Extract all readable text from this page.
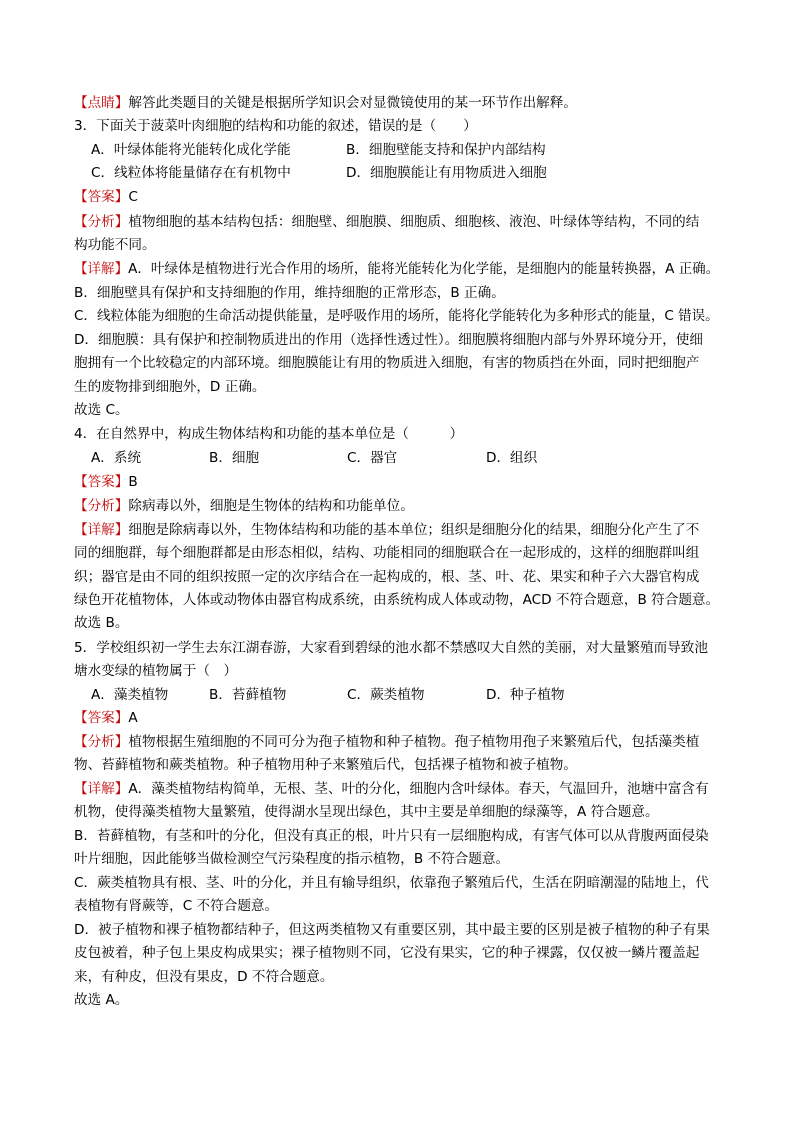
【点睛】解答此类题目的关键是根据所学知识会对显微镜使用的某一环节作出解释。
3．下面关于菠菜叶肉细胞的结构和功能的叙述，错误的是（　　）
A．叶绿体能将光能转化成化学能	B．细胞壁能支持和保护内部结构
C．线粒体将能量储存在有机物中	D．细胞膜能让有用物质进入细胞
【答案】C
【分析】植物细胞的基本结构包括：细胞壁、细胞膜、细胞质、细胞核、液泡、叶绿体等结构，不同的结
构功能不同。
【详解】A．叶绿体是植物进行光合作用的场所，能将光能转化为化学能，是细胞内的能量转换器，A 正确。
B．细胞壁具有保护和支持细胞的作用，维持细胞的正常形态，B 正确。
C．线粒体能为细胞的生命活动提供能量，是呼吸作用的场所，能将化学能转化为多种形式的能量，C 错误。
D．细胞膜：具有保护和控制物质进出的作用（选择性透过性）。细胞膜将细胞内部与外界环境分开，使细
胞拥有一个比较稳定的内部环境。细胞膜能让有用的物质进入细胞，有害的物质挡在外面，同时把细胞产
生的废物排到细胞外，D 正确。
故选 C。
4．在自然界中，构成生物体结构和功能的基本单位是（　　　）
A．系统	B．细胞	C．器官	D．组织
【答案】B
【分析】除病毒以外，细胞是生物体的结构和功能单位。
【详解】细胞是除病毒以外，生物体结构和功能的基本单位；组织是细胞分化的结果，细胞分化产生了不
同的细胞群，每个细胞群都是由形态相似，结构、功能相同的细胞联合在一起形成的，这样的细胞群叫组
织；器官是由不同的组织按照一定的次序结合在一起构成的，根、茎、叶、花、果实和种子六大器官构成
绿色开花植物体，人体或动物体由器官构成系统，由系统构成人体或动物，ACD 不符合题意，B 符合题意。
故选 B。
5．学校组织初一学生去东江湖春游，大家看到碧绿的池水都不禁感叹大自然的美丽，对大量繁殖而导致池
塘水变绿的植物属于（　）
A．藻类植物	B．苔藓植物	C．蕨类植物	D．种子植物
【答案】A
【分析】植物根据生殖细胞的不同可分为孢子植物和种子植物。孢子植物用孢子来繁殖后代，包括藻类植
物、苔藓植物和蕨类植物。种子植物用种子来繁殖后代，包括裸子植物和被子植物。
【详解】A．藻类植物结构简单，无根、茎、叶的分化，细胞内含叶绿体。春天，气温回升，池塘中富含有
机物，使得藻类植物大量繁殖，使得湖水呈现出绿色，其中主要是单细胞的绿藻等，A 符合题意。
B．苔藓植物，有茎和叶的分化，但没有真正的根，叶片只有一层细胞构成，有害气体可以从背腹两面侵染
叶片细胞，因此能够当做检测空气污染程度的指示植物，B 不符合题意。
C．蕨类植物具有根、茎、叶的分化，并且有输导组织，依靠孢子繁殖后代，生活在阴暗潮湿的陆地上，代
表植物有肾蕨等，C 不符合题意。
D．被子植物和裸子植物都结种子，但这两类植物又有重要区别，其中最主要的区别是被子植物的种子有果
皮包被着，种子包上果皮构成果实；裸子植物则不同，它没有果实，它的种子裸露，仅仅被一鳞片覆盖起
来，有种皮，但没有果皮，D 不符合题意。
故选 A。
